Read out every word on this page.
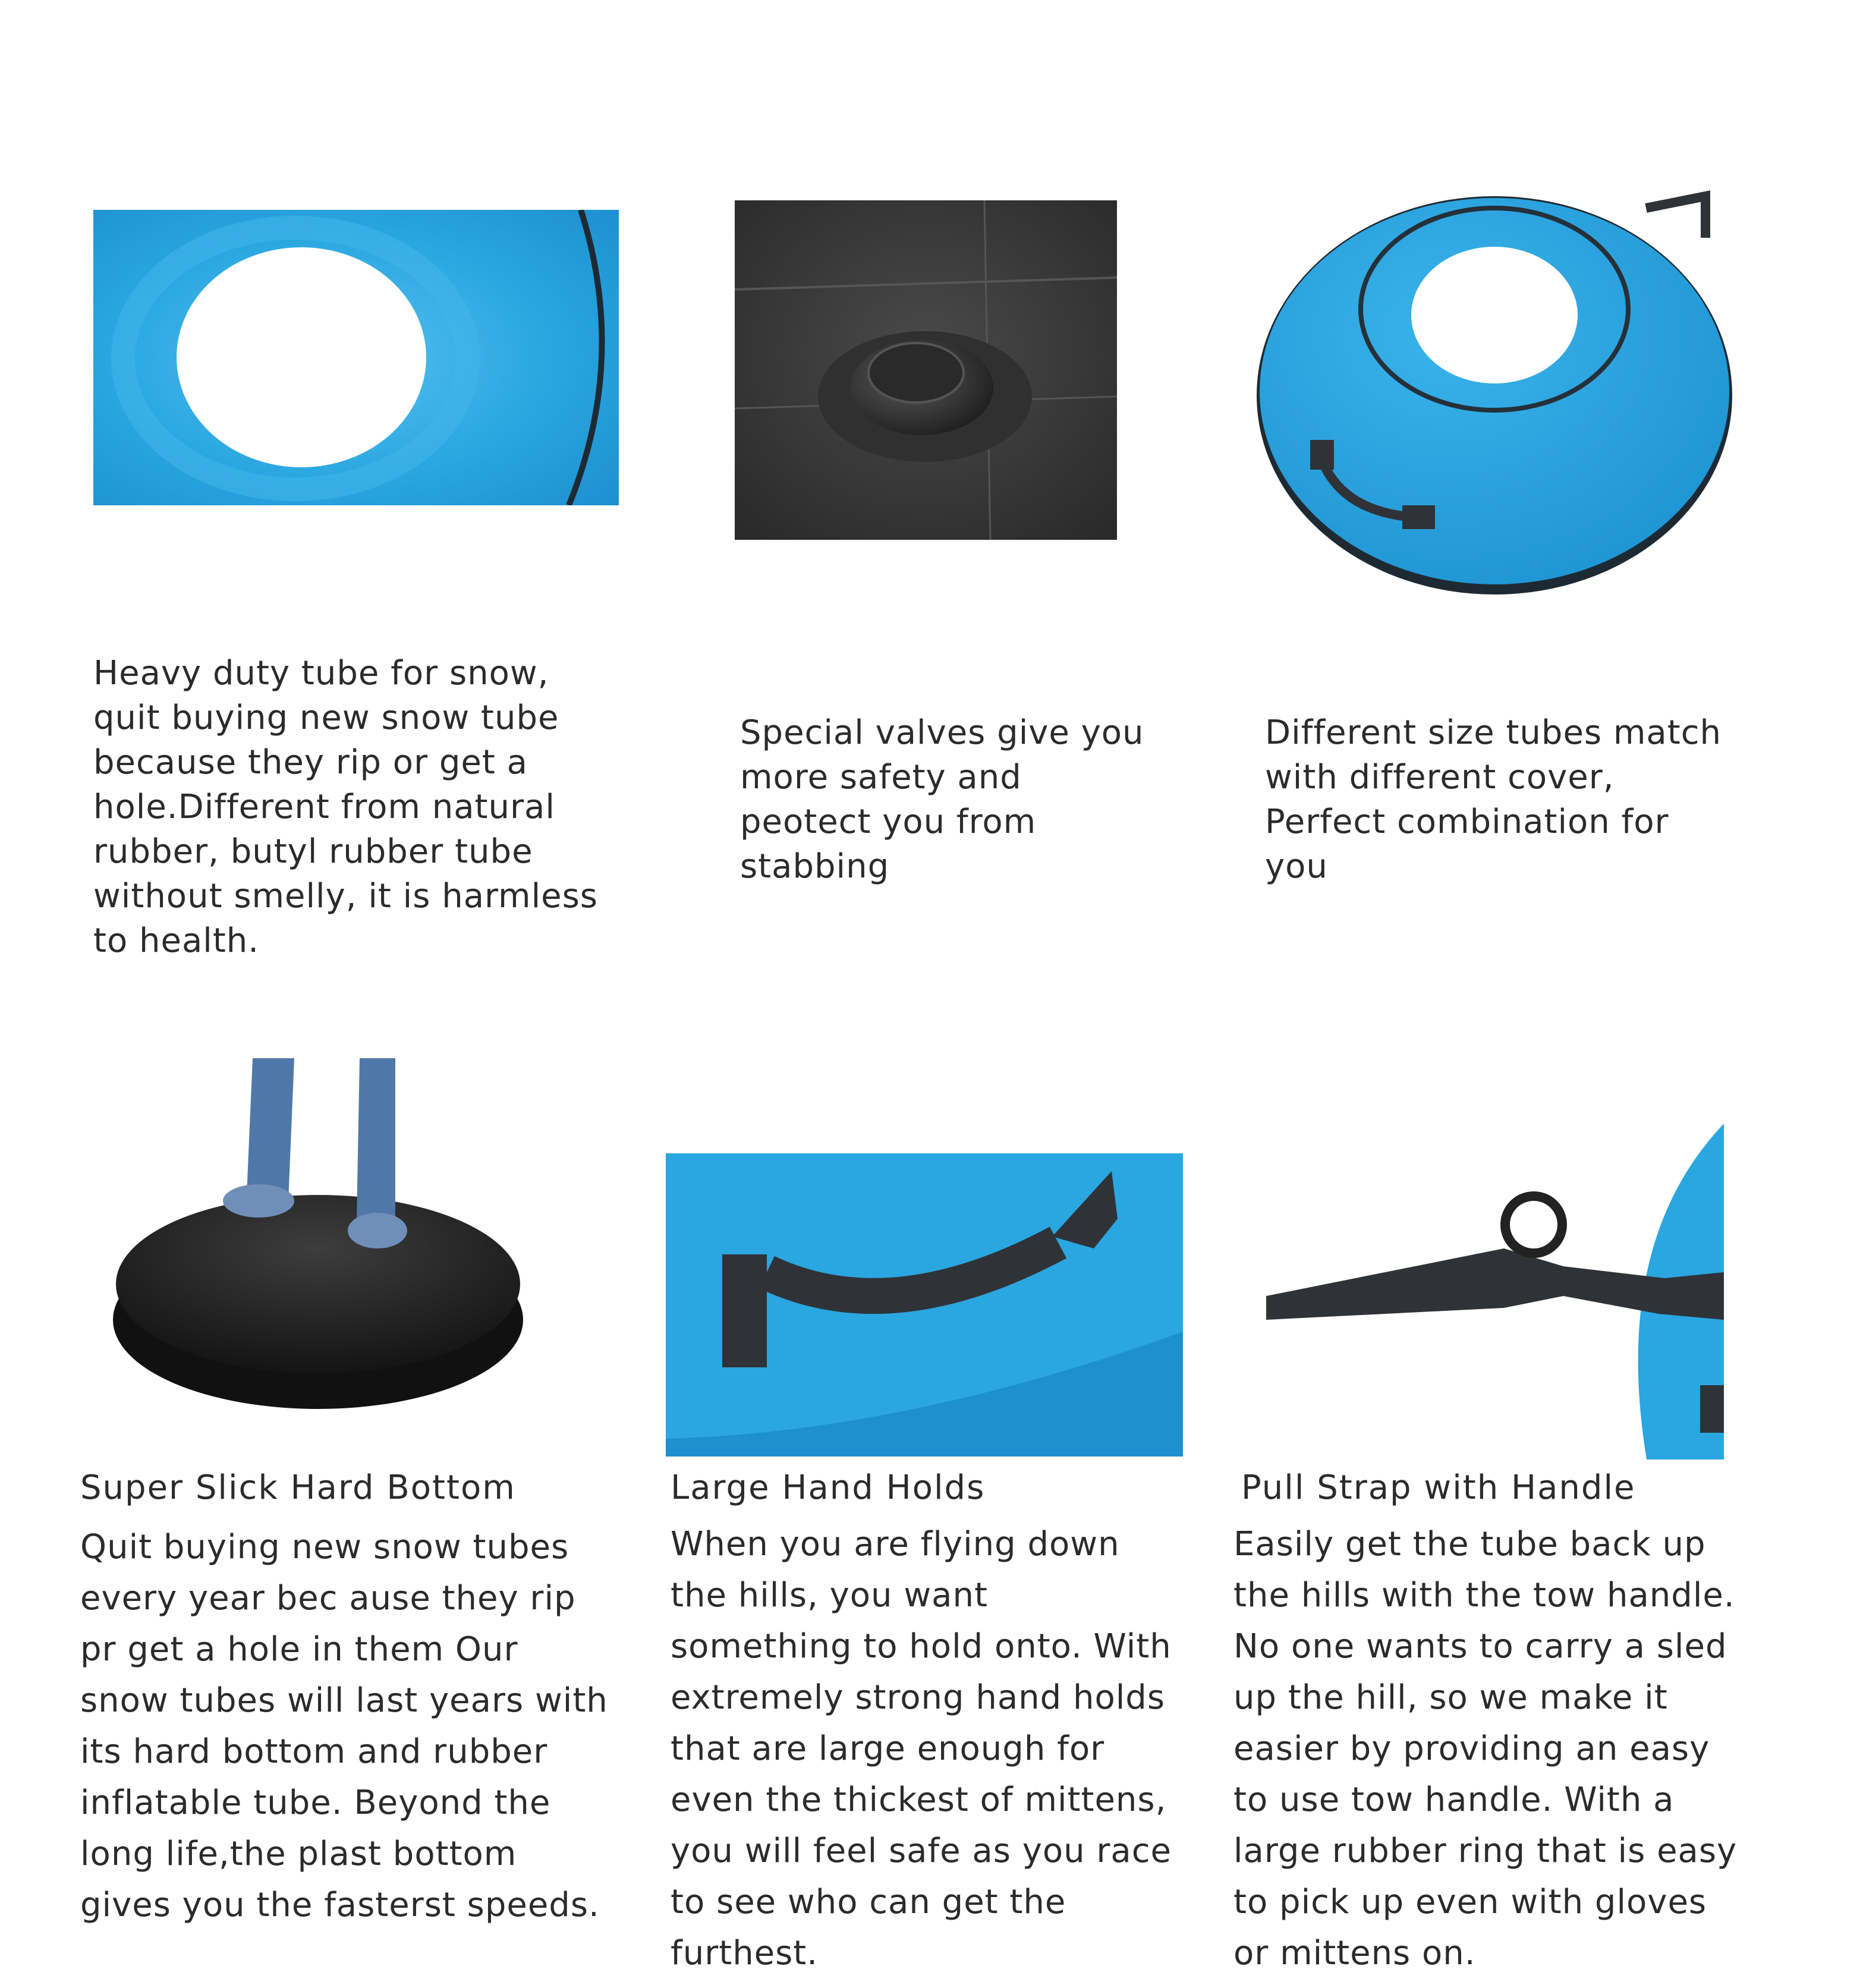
Heavy duty tube for snow, quit buying new snow tube because they rip or get a hole.Different from natural rubber, butyl rubber tube without smelly, it is harmless to health.
Special valves give you more safety and peotect you from stabbing
Different size tubes match with different cover, Perfect combination for you
Super Slick Hard Bottom
Quit buying new snow tubes every year bec ause they rip pr get a hole in them Our snow tubes will last years with its hard bottom and rubber inflatable tube. Beyond the long life,the plast bottom gives you the fasterst speeds.
Large Hand Holds
When you are flying down the hills, you want something to hold onto. With extremely strong hand holds that are large enough for even the thickest of mittens, you will feel safe as you race to see who can get the furthest.
Pull Strap with Handle
Easily get the tube back up the hills with the tow handle. No one wants to carry a sled up the hill, so we make it easier by providing an easy to use tow handle. With a large rubber ring that is easy to pick up even with gloves or mittens on.
